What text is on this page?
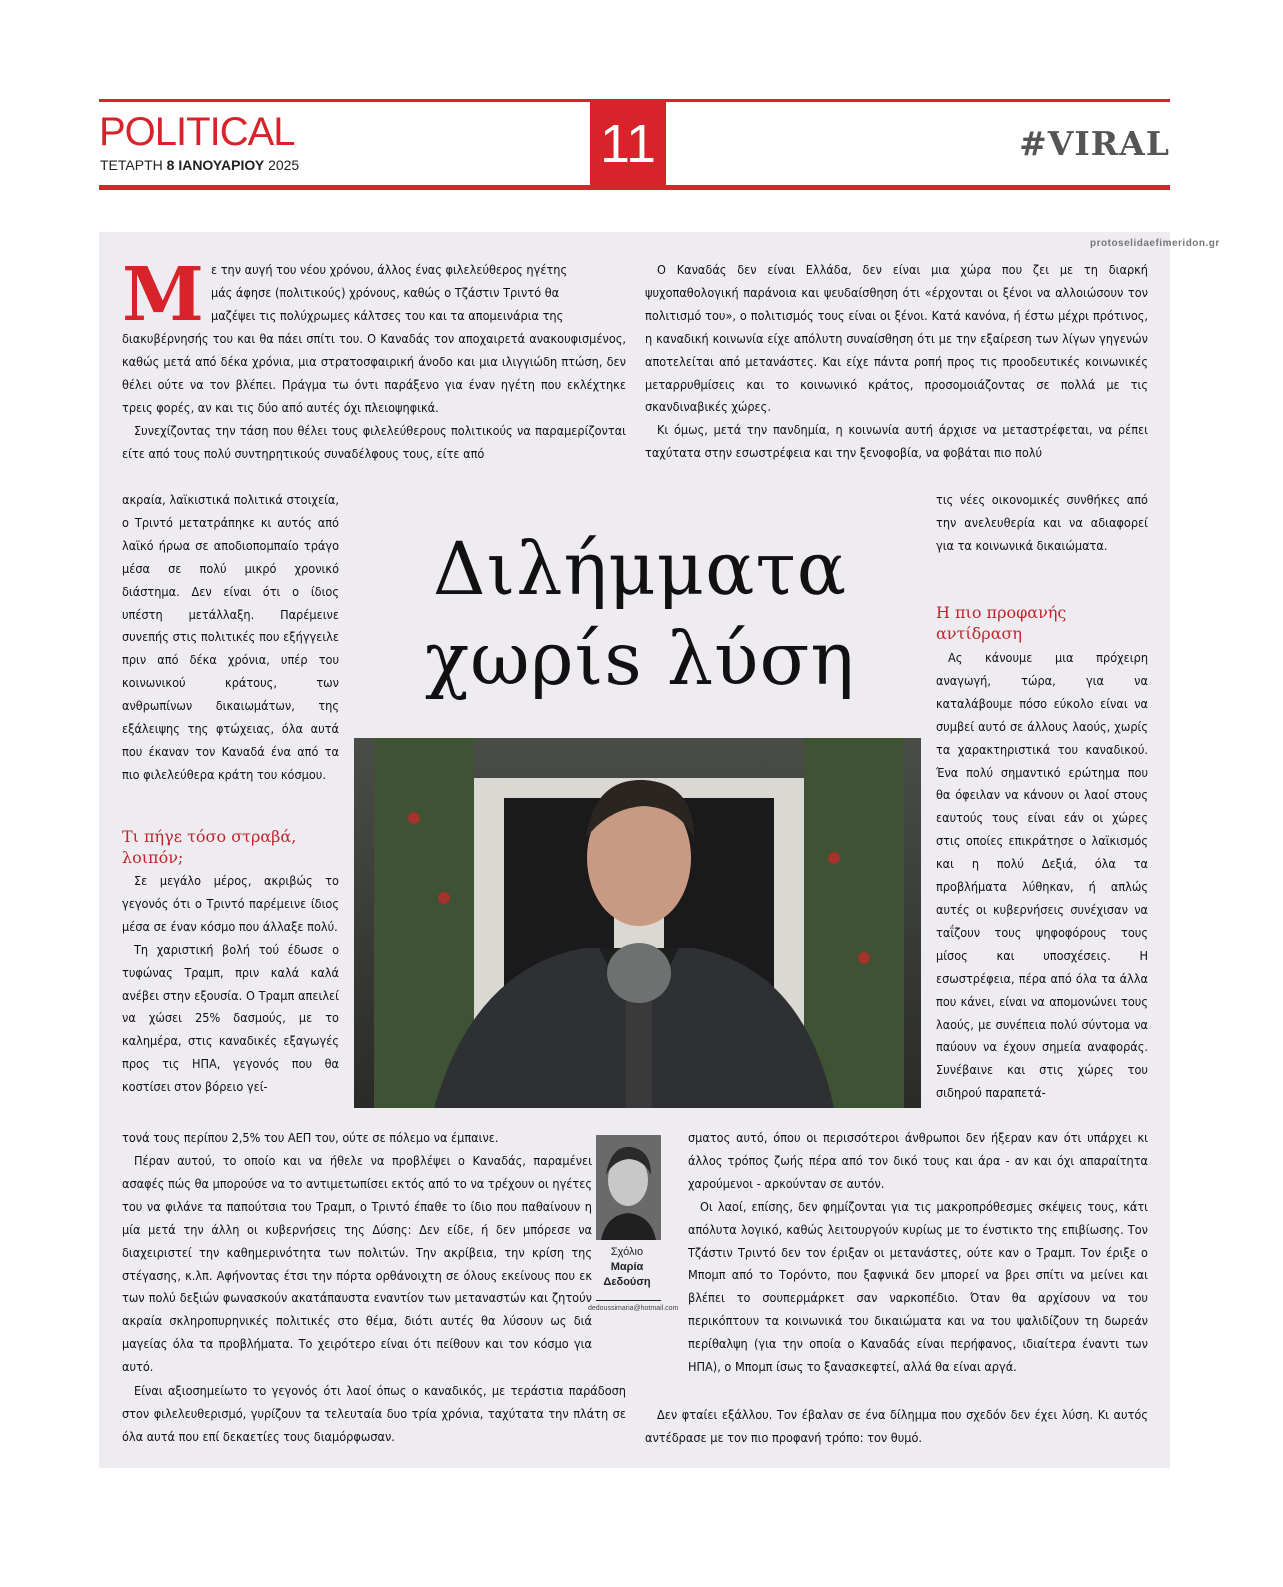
POLITICAL
ΤΕΤΑΡΤΗ 8 ΙΑΝΟΥΑΡΙΟΥ 2025	11	#VIRAL
protoselidaefimeridon.gr
M ε την αυγή του νέου χρόνου, άλλος ένας φιλελεύθερος ηγέτης

μάς άφησε (πολιτικούς) χρόνους, καθώς ο Τζάστιν Τριντό θα

μαζέψει τις πολύχρωμες κάλτσες του και τα απομεινάρια της

διακυβέρνησής του και θα πάει σπίτι του. Ο Καναδάς τον αποχαιρετά ανακουφισμένος, καθώς μετά από δέκα χρόνια, μια στρατοσφαιρική άνοδο και μια ιλιγγιώδη πτώση, δεν θέλει ούτε να τον βλέπει. Πράγμα τω όντι παράξενο για έναν ηγέτη που εκλέχτηκε τρεις φορές, αν και τις δύο από αυτές όχι πλειοψηφικά.

Συνεχίζοντας την τάση που θέλει τους φιλελεύθερους πολιτικούς να παραμερίζονται είτε από τους πολύ συντηρητικούς συναδέλφους τους, είτε από

ακραία, λαϊκιστικά πολιτικά στοιχεία, ο Τριντό μετατράπηκε κι αυτός από λαϊκό ήρωα σε αποδιοπομπαίο τράγο μέσα σε πολύ μικρό χρονικό διάστημα. Δεν είναι ότι ο ίδιος υπέστη μετάλλαξη. Παρέμεινε συνεπής στις πολιτικές που εξήγγειλε πριν από δέκα χρόνια, υπέρ του κοινωνικού κράτους, των ανθρωπίνων δικαιωμάτων, της εξάλειψης της φτώχειας, όλα αυτά που έκαναν τον Καναδά ένα από τα πιο φιλελεύθερα κράτη του κόσμου.

Τι πήγε τόσο στραβά, λοιπόν;

Σε μεγάλο μέρος, ακριβώς το γεγονός ότι ο Τριντό παρέμεινε ίδιος μέσα σε έναν κόσμο που άλλαξε πολύ.

Τη χαριστική βολή τού έδωσε ο τυφώνας Τραμπ, πριν καλά καλά ανέβει στην εξουσία. Ο Τραμπ απειλεί να χώσει 25% δασμούς, με το καλημέρα, στις καναδικές εξαγωγές προς τις ΗΠΑ, γεγονός που θα κοστίσει στον βόρειο γεί-

τονά τους περίπου 2,5% του ΑΕΠ του, ούτε σε πόλεμο να έμπαινε.

Πέραν αυτού, το οποίο και να ήθελε να προβλέψει ο Καναδάς, παραμένει ασαφές πώς θα μπορούσε να το αντιμετωπίσει εκτός από το να τρέχουν οι ηγέτες του να φιλάνε τα παπούτσια του Τραμπ, ο Τριντό έπαθε το ίδιο που παθαίνουν η μία μετά την άλλη οι κυβερνήσεις της Δύσης: Δεν είδε, ή δεν μπόρεσε να διαχειριστεί την καθημερινότητα των πολιτών. Την ακρίβεια, την κρίση της στέγασης, κ.λπ. Αφήνοντας έτσι την πόρτα ορθάνοιχτη σε όλους εκείνους που εκ των πολύ δεξιών φωνασκούν ακατάπαυστα εναντίον των μεταναστών και ζητούν ακραία σκληροπυρηνικές πολιτικές στο θέμα, διότι αυτές θα λύσουν ως διά μαγείας όλα τα προβλήματα. Το χειρότερο είναι ότι πείθουν και τον κόσμο για αυτό.

Είναι αξιοσημείωτο το γεγονός ότι λαοί όπως ο καναδικός, με τεράστια παράδοση στον φιλελευθερισμό, γυρίζουν τα τελευταία δυο τρία χρόνια, ταχύτατα την πλάτη σε όλα αυτά που επί δεκαετίες τους διαμόρφωσαν.

Ο Καναδάς δεν είναι Ελλάδα, δεν είναι μια χώρα που ζει με τη διαρκή ψυχοπαθολογική παράνοια και ψευδαίσθηση ότι «έρχονται οι ξένοι να αλλοιώσουν τον πολιτισμό του», ο πολιτισμός τους είναι οι ξένοι. Κατά κανόνα, ή έστω μέχρι πρότινος, η καναδική κοινωνία είχε απόλυτη συναίσθηση ότι με την εξαίρεση των λίγων γηγενών αποτελείται από μετανάστες. Και είχε πάντα ροπή προς τις προοδευτικές κοινωνικές μεταρρυθμίσεις και το κοινωνικό κράτος, προσομοιάζοντας σε πολλά με τις σκανδιναβικές χώρες.

Κι όμως, μετά την πανδημία, η κοινωνία αυτή άρχισε να μεταστρέφεται, να ρέπει ταχύτατα στην εσωστρέφεια και την ξενοφοβία, να φοβάται πιο πολύ

τις νέες οικονομικές συνθήκες από την ανελευθερία και να αδιαφορεί για τα κοινωνικά δικαιώματα.

Η πιο προφανής αντίδραση

Ας κάνουμε μια πρόχειρη αναγωγή, τώρα, για να καταλάβουμε πόσο εύκολο είναι να συμβεί αυτό σε άλλους λαούς, χωρίς τα χαρακτηριστικά του καναδικού. Ένα πολύ σημαντικό ερώτημα που θα όφειλαν να κάνουν οι λαοί στους εαυτούς τους είναι εάν οι χώρες στις οποίες επικράτησε ο λαϊκισμός και η πολύ Δεξιά, όλα τα προβλήματα λύθηκαν, ή απλώς αυτές οι κυβερνήσεις συνέχισαν να ταΐζουν τους ψηφοφόρους τους μίσος και υποσχέσεις. Η εσωστρέφεια, πέρα από όλα τα άλλα που κάνει, είναι να απομονώνει τους λαούς, με συνέπεια πολύ σύντομα να παύουν να έχουν σημεία αναφοράς. Συνέβαινε και στις χώρες του σιδηρού παραπετά-

σματος αυτό, όπου οι περισσότεροι άνθρωποι δεν ήξεραν καν ότι υπάρχει κι άλλος τρόπος ζωής πέρα από τον δικό τους και άρα - αν και όχι απαραίτητα χαρούμενοι - αρκούνταν σε αυτόν.

Οι λαοί, επίσης, δεν φημίζονται για τις μακροπρόθεσμες σκέψεις τους, κάτι απόλυτα λογικό, καθώς λειτουργούν κυρίως με το ένστικτο της επιβίωσης. Τον Τζάστιν Τριντό δεν τον έριξαν οι μετανάστες, ούτε καν ο Τραμπ. Τον έριξε ο Μπομπ από το Τορόντο, που ξαφνικά δεν μπορεί να βρει σπίτι να μείνει και βλέπει το σουπερμάρκετ σαν ναρκοπέδιο. Όταν θα αρχίσουν να του περικόπτουν τα κοινωνικά του δικαιώματα και να του ψαλιδίζουν τη δωρεάν περίθαλψη (για την οποία ο Καναδάς είναι περήφανος, ιδιαίτερα έναντι των ΗΠΑ), ο Μπομπ ίσως το ξανασκεφτεί, αλλά θα είναι αργά.

Δεν φταίει εξάλλου. Τον έβαλαν σε ένα δίλημμα που σχεδόν δεν έχει λύση. Κι αυτός αντέδρασε με τον πιο προφανή τρόπο: τον θυμό.

Διλήμματα
χωρίs λύση
Σχόλιο
Μαρία
Δεδούση
dedoussimaria@hotmail.com
